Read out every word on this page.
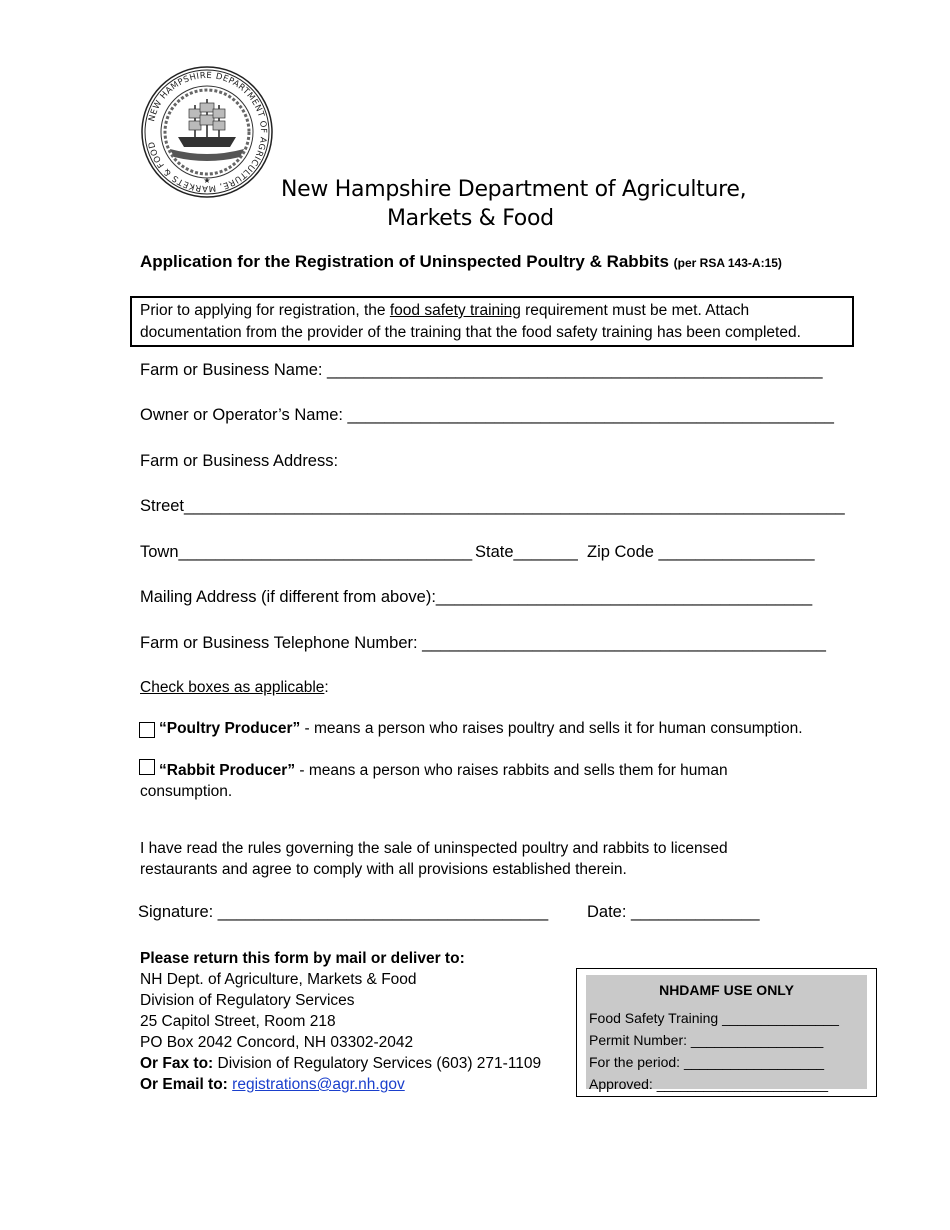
NEW HAMPSHIRE DEPARTMENT OF AGRICULTURE, MARKETS & FOOD
★	New Hampshire Department of Agriculture,
Markets & Food
Application for the Registration of Uninspected Poultry & Rabbits (per RSA 143-A:15)
Prior to applying for registration, the food safety training requirement must be met. Attach documentation from the provider of the training that the food safety training has been completed.
Farm or Business Name: ______________________________________________________
Owner or Operator’s Name: _____________________________________________________
Farm or Business Address:
Street________________________________________________________________________
Town________________________________ State_______ Zip Code _________________
Mailing Address (if different from above):_________________________________________
Farm or Business Telephone Number: ____________________________________________
Check boxes as applicable:
“Poultry Producer” - means a person who raises poultry and sells it for human consumption.
“Rabbit Producer” - means a person who raises rabbits and sells them for human
consumption.
I have read the rules governing the sale of uninspected poultry and rabbits to licensed
restaurants and agree to comply with all provisions established therein.
Signature: ____________________________________ Date: ______________
Please return this form by mail or deliver to:
NH Dept. of Agriculture, Markets & Food
Division of Regulatory Services
25 Capitol Street, Room 218
PO Box 2042 Concord, NH 03302-2042
Or Fax to: Division of Regulatory Services (603) 271-1109
Or Email to: registrations@agr.nh.gov
NHDAMF USE ONLY
Food Safety Training _______________
Permit Number: _________________
For the period: __________________
Approved: ______________________
